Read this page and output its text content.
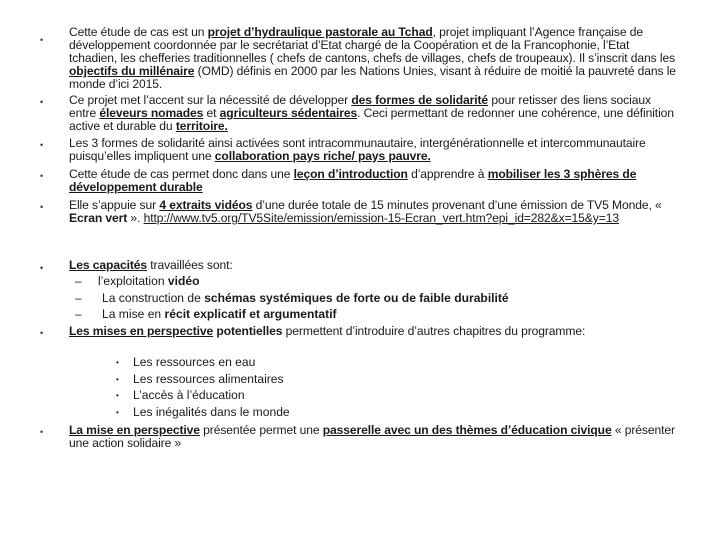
•
Cette étude de cas est un projet d’hydraulique pastorale au Tchad, projet impliquant l’Agence française de développement coordonnée par le secrétariat d’Etat chargé de la Coopération et de la Francophonie, l’Etat tchadien, les chefferies traditionnelles ( chefs de cantons, chefs de villages, chefs de troupeaux). Il s’inscrit dans les objectifs du millénaire (OMD) définis en 2000 par les Nations Unies, visant à réduire de moitié la pauvreté dans le monde d’ici 2015.
• Ce projet met l’accent sur la nécessité de développer des formes de solidarité pour retisser des liens sociaux entre éleveurs nomades et agriculteurs sédentaires. Ceci permettant de redonner une cohérence, une définition active et durable du territoire.
• Les 3 formes de solidarité ainsi activées sont intracommunautaire, intergénérationnelle et intercommunautaire puisqu’elles impliquent une collaboration pays riche/ pays pauvre.
• Cette étude de cas permet donc dans une leçon d’introduction d’apprendre à mobiliser les 3 sphères de développement durable
• Elle s’appuie sur 4 extraits vidéos d’une durée totale de 15 minutes provenant d’une émission de TV5 Monde, « Ecran vert ». http://www.tv5.org/TV5Site/emission/emission-15-Ecran_vert.htm?epi_id=282&x=15&y=13
• Les capacités travaillées sont:
– l’exploitation vidéo
– La construction de schémas systémiques de forte ou de faible durabilité
– La mise en récit explicatif et argumentatif
• Les mises en perspective potentielles permettent d’introduire d’autres chapitres du programme:
• Les ressources en eau
• Les ressources alimentaires
• L’accès à l’éducation
• Les inégalités dans le monde
• La mise en perspective présentée permet une passerelle avec un des thèmes d’éducation civique « présenter une action solidaire »
